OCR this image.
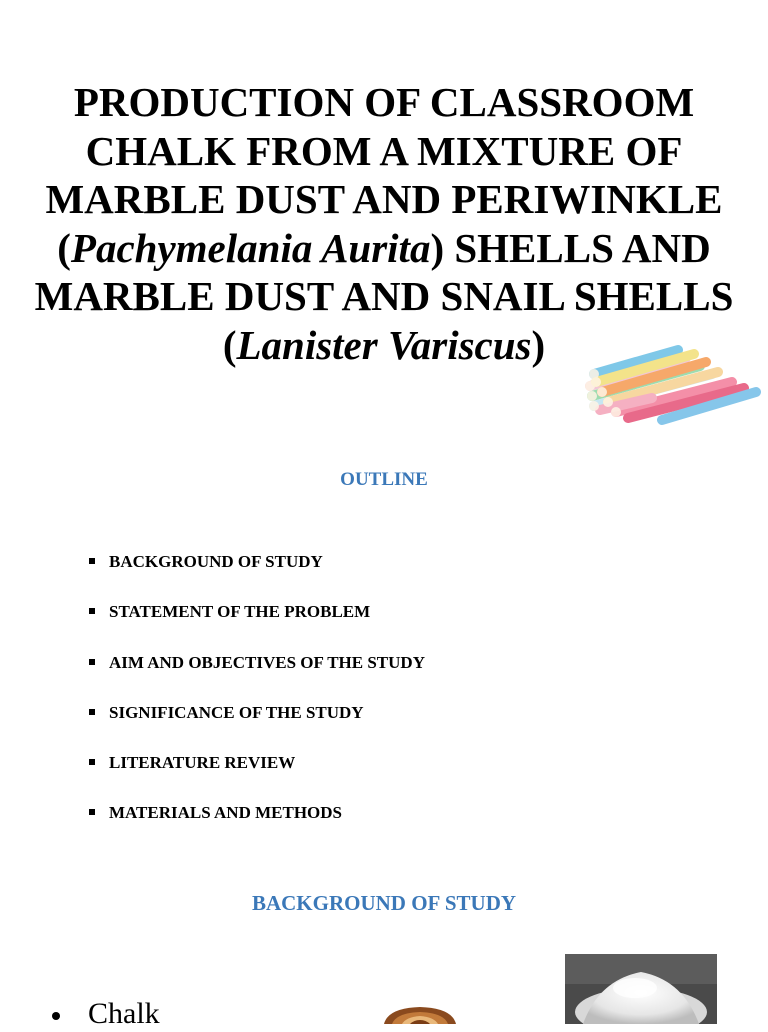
PRODUCTION OF CLASSROOM CHALK FROM A MIXTURE OF MARBLE DUST AND PERIWINKLE (Pachymelania Aurita) SHELLS AND MARBLE DUST AND SNAIL SHELLS (Lanister Variscus)
OUTLINE
BACKGROUND OF STUDY
STATEMENT OF THE PROBLEM
AIM AND OBJECTIVES OF THE STUDY
SIGNIFICANCE OF THE STUDY
LITERATURE REVIEW
MATERIALS AND METHODS
BACKGROUND OF STUDY
Chalk
